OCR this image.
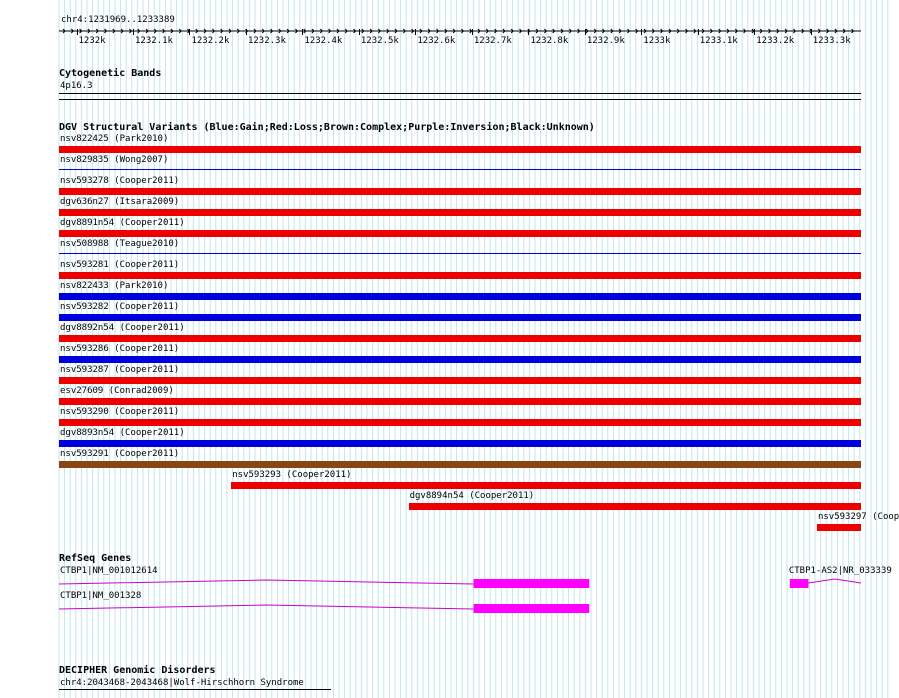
chr4:1231969..1233389
1232k	1232.1k 1232.2k 1232.3k 1232.4k 1232.5k 1232.6k 1232.7k 1232.8k 1232.9k 1233k	1233.1k 1233.2k 1233.3k
Cytogenetic Bands
4p16.3
DGV Structural Variants (Blue:Gain;Red:Loss;Brown:Complex;Purple:Inversion;Black:Unknown)
nsv822425 (Park2010)
nsv829835 (Wong2007)
nsv593278 (Cooper2011)
dgv636n27 (Itsara2009)
dgv8891n54 (Cooper2011)
nsv508988 (Teague2010)
nsv593281 (Cooper2011)
nsv822433 (Park2010)
nsv593282 (Cooper2011)
dgv8892n54 (Cooper2011)
nsv593286 (Cooper2011)
nsv593287 (Cooper2011)
esv27609 (Conrad2009)
nsv593290 (Cooper2011)
dgv8893n54 (Cooper2011)
nsv593291 (Cooper2011)
nsv593293 (Cooper2011)
dgv8894n54 (Cooper2011)
nsv593297 (Coop
RefSeq Genes
CTBP1|NM_001012614
CTBP1|NM_001328
CTBP1-AS2|NR_033339
DECIPHER Genomic Disorders
chr4:2043468-2043468|Wolf-Hirschhorn Syndrome
